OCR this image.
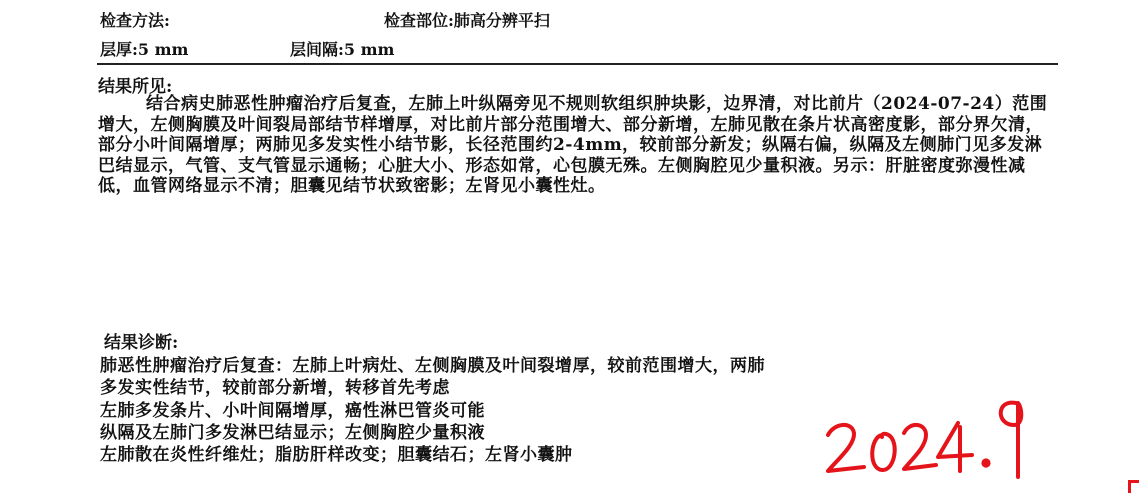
检查方法:	检查部位:肺高分辨平扫
层厚:5 mm	层间隔:5 mm
结果所见:
结合病史肺恶性肿瘤治疗后复查，左肺上叶纵隔旁见不规则软组织肿块影，边界清，对比前片（2024-07-24）范围增大，左侧胸膜及叶间裂局部结节样增厚，对比前片部分范围增大、部分新增，左肺见散在条片状高密度影，部分界欠清，部分小叶间隔增厚；两肺见多发实性小结节影，长径范围约2-4mm，较前部分新发；纵隔右偏，纵隔及左侧肺门见多发淋巴结显示，气管、支气管显示通畅；心脏大小、形态如常，心包膜无殊。左侧胸腔见少量积液。另示：肝脏密度弥漫性减低，血管网络显示不清；胆囊见结节状致密影；左肾见小囊性灶。
结果诊断:
肺恶性肿瘤治疗后复查：左肺上叶病灶、左侧胸膜及叶间裂增厚，较前范围增大，两肺
多发实性结节，较前部分新增，转移首先考虑
左肺多发条片、小叶间隔增厚，癌性淋巴管炎可能
纵隔及左肺门多发淋巴结显示；左侧胸腔少量积液
左肺散在炎性纤维灶；脂肪肝样改变；胆囊结石；左肾小囊肿
2024.9
